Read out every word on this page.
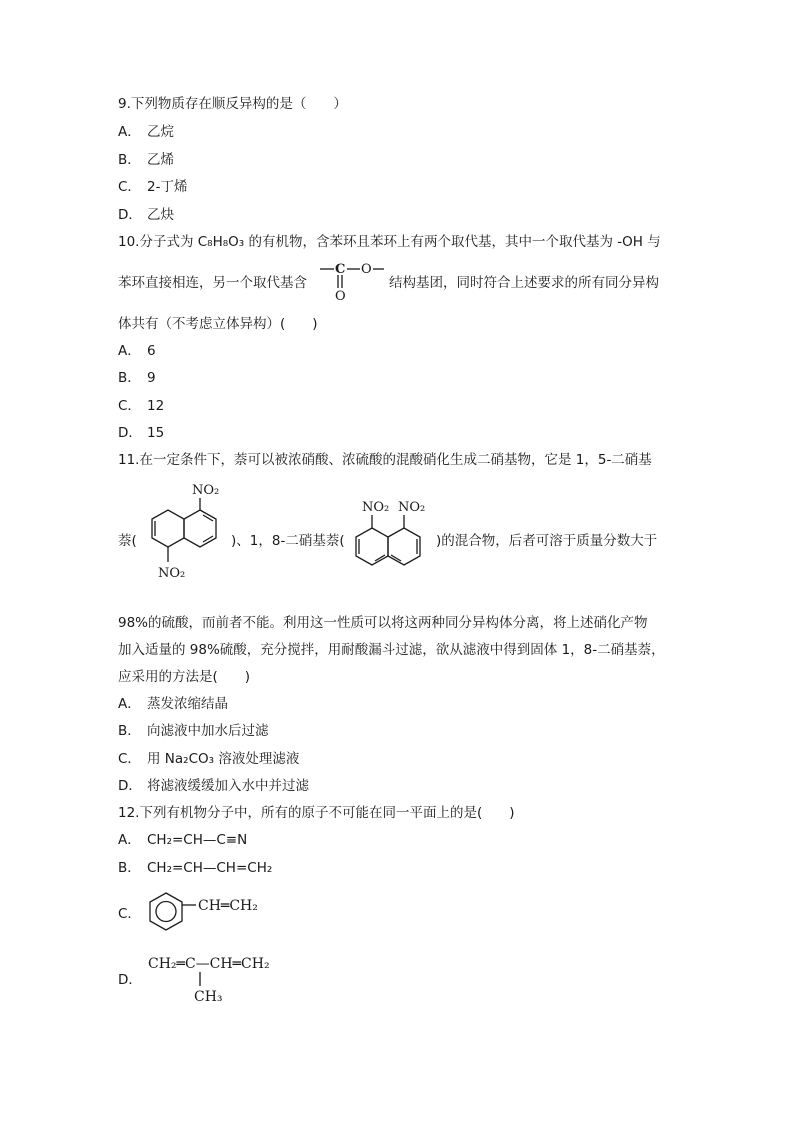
9.下列物质存在顺反异构的是（　　）
A． 乙烷
B． 乙烯
C． 2-丁烯
D． 乙炔
10.分子式为 C₈H₈O₃ 的有机物，含苯环且苯环上有两个取代基，其中一个取代基为 -OH 与
苯环直接相连，另一个取代基含
C O
O
结构基团，同时符合上述要求的所有同分异构
体共有（不考虑立体异构）(　　)
A． 6
B． 9
C． 12
D． 15
11.在一定条件下，萘可以被浓硝酸、浓硫酸的混酸硝化生成二硝基物，它是 1，5-二硝基
萘(
NO₂
NO₂
)、1，8-二硝基萘(
NO₂ NO₂
)的混合物，后者可溶于质量分数大于
98%的硫酸，而前者不能。利用这一性质可以将这两种同分异构体分离，将上述硝化产物
加入适量的 98%硫酸，充分搅拌，用耐酸漏斗过滤，欲从滤液中得到固体 1，8-二硝基萘，
应采用的方法是(　　)
A． 蒸发浓缩结晶
B． 向滤液中加水后过滤
C． 用 Na₂CO₃ 溶液处理滤液
D． 将滤液缓缓加入水中并过滤
12.下列有机物分子中，所有的原子不可能在同一平面上的是(　　)
A． CH₂=CH—C≡N
B． CH₂=CH—CH=CH₂
C．	CH═CH₂
D．
CH₂═C—CH═CH₂
CH₃
